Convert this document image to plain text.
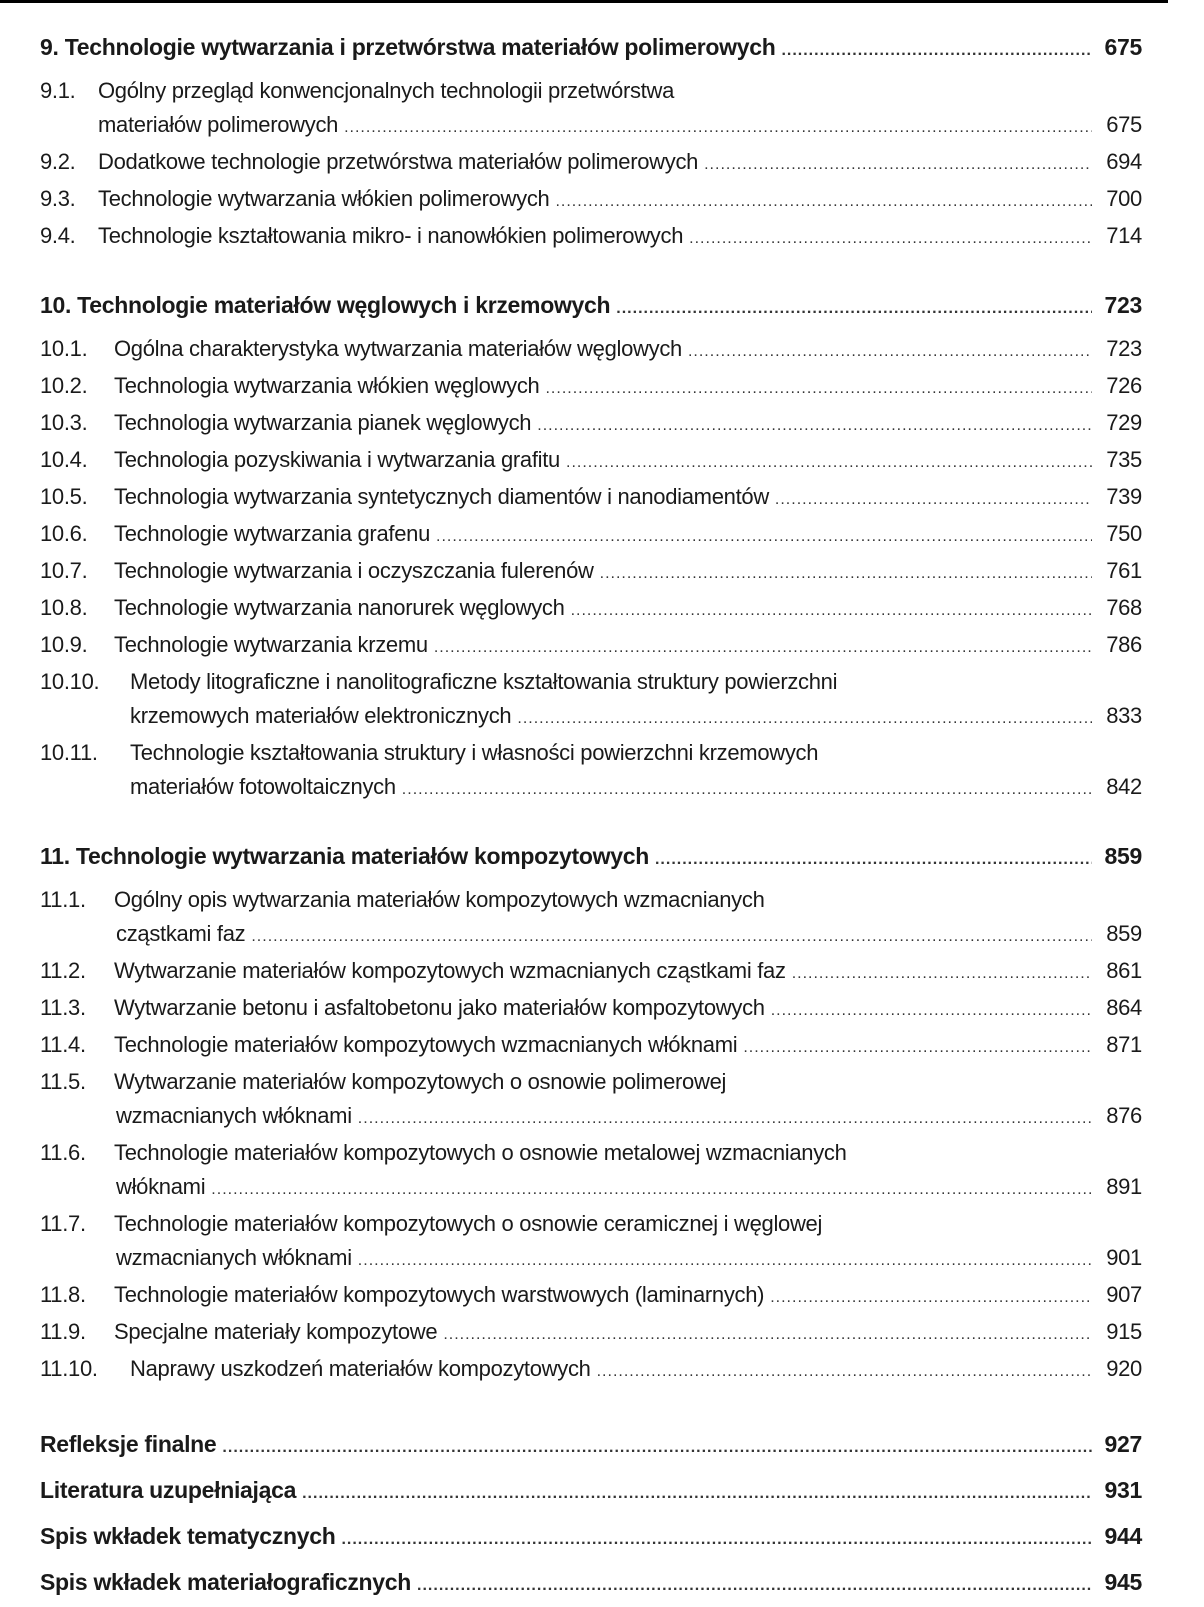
9. Technologie wytwarzania i przetwórstwa materiałów polimerowych .....	675
9.1.	Ogólny przegląd konwencjonalnych technologii przetwórstwa
materiałów polimerowych .....	675
9.2.	Dodatkowe technologie przetwórstwa materiałów polimerowych .....	694
9.3.	Technologie wytwarzania włókien polimerowych .....	700
9.4.	Technologie kształtowania mikro- i nanowłókien polimerowych .....	714
10. Technologie materiałów węglowych i krzemowych .....	723
10.1.	Ogólna charakterystyka wytwarzania materiałów węglowych .....	723
10.2.	Technologia wytwarzania włókien węglowych .....	726
10.3.	Technologia wytwarzania pianek węglowych .....	729
10.4.	Technologia pozyskiwania i wytwarzania grafitu .....	735
10.5.	Technologia wytwarzania syntetycznych diamentów i nanodiamentów .....	739
10.6.	Technologie wytwarzania grafenu .....	750
10.7.	Technologie wytwarzania i oczyszczania fulerenów .....	761
10.8.	Technologie wytwarzania nanorurek węglowych .....	768
10.9.	Technologie wytwarzania krzemu .....	786
10.10.	Metody litograficzne i nanolitograficzne kształtowania struktury powierzchni
krzemowych materiałów elektronicznych .....	833
10.11.	Technologie kształtowania struktury i własności powierzchni krzemowych
materiałów fotowoltaicznych .....	842
11. Technologie wytwarzania materiałów kompozytowych .....	859
11.1.	Ogólny opis wytwarzania materiałów kompozytowych wzmacnianych
cząstkami faz .....	859
11.2.	Wytwarzanie materiałów kompozytowych wzmacnianych cząstkami faz .....	861
11.3.	Wytwarzanie betonu i asfaltobetonu jako materiałów kompozytowych .....	864
11.4.	Technologie materiałów kompozytowych wzmacnianych włóknami .....	871
11.5.	Wytwarzanie materiałów kompozytowych o osnowie polimerowej
wzmacnianych włóknami .....	876
11.6.	Technologie materiałów kompozytowych o osnowie metalowej wzmacnianych
włóknami .....	891
11.7.	Technologie materiałów kompozytowych o osnowie ceramicznej i węglowej
wzmacnianych włóknami .....	901
11.8.	Technologie materiałów kompozytowych warstwowych (laminarnych) .....	907
11.9.	Specjalne materiały kompozytowe .....	915
11.10.	Naprawy uszkodzeń materiałów kompozytowych .....	920
Refleksje finalne .....	927
Literatura uzupełniająca .....	931
Spis wkładek tematycznych .....	944
Spis wkładek materiałograficznych .....	945
